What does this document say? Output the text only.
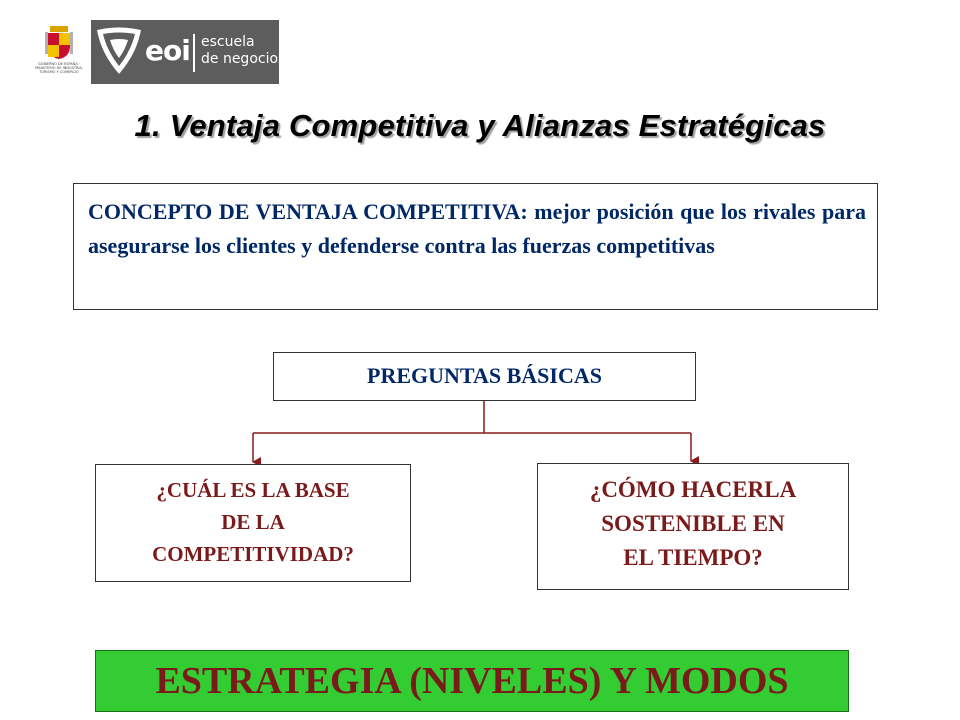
GOBIERNO DE ESPAÑA · MINISTERIO DE INDUSTRIA, TURISMO Y COMERCIO
eoi escuela
de negocios
1. Ventaja Competitiva y Alianzas Estratégicas
CONCEPTO DE VENTAJA COMPETITIVA: mejor posición que los rivales para asegurarse los clientes y defenderse contra las fuerzas competitivas
PREGUNTAS BÁSICAS
¿CUÁL ES LA BASE
DE LA
COMPETITIVIDAD?
¿CÓMO HACERLA
SOSTENIBLE EN
EL TIEMPO?
ESTRATEGIA (NIVELES) Y MODOS
